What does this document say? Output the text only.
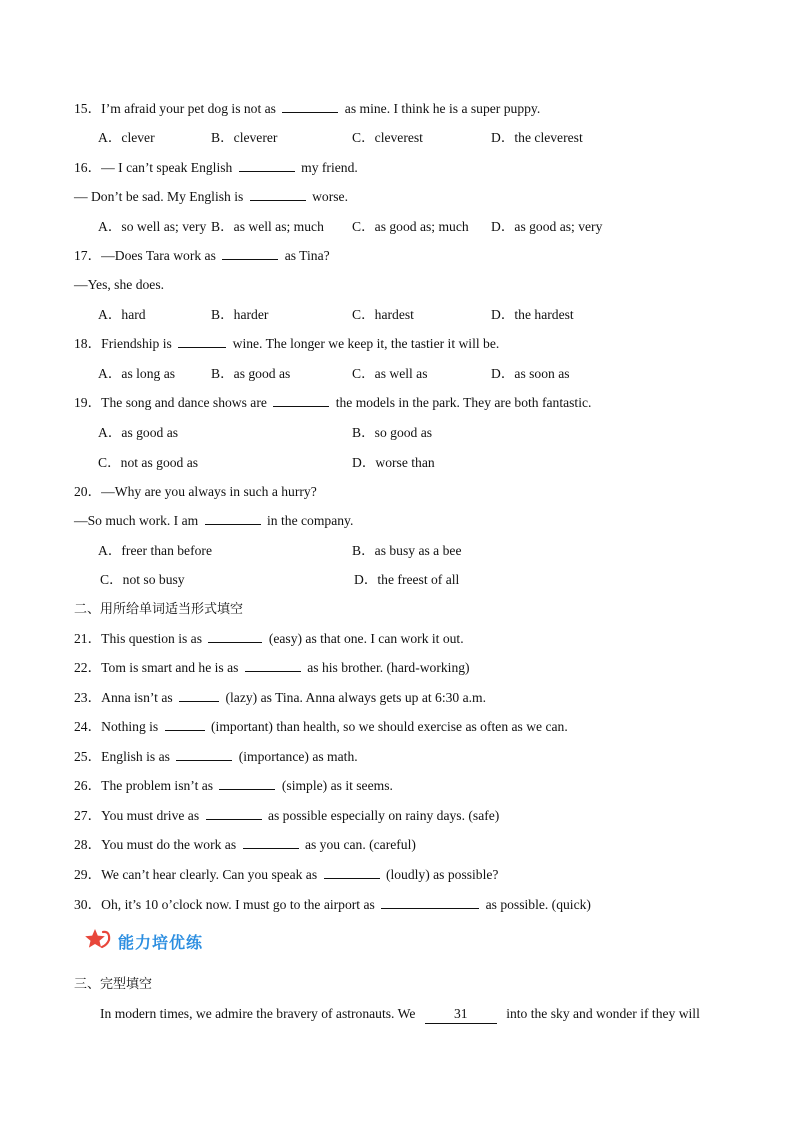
15．I’m afraid your pet dog is not as	as mine. I think he is a super puppy.
A．clever	B．cleverer	C．cleverest	D．the cleverest
16．— I can’t speak English	my friend.
— Don’t be sad. My English is	worse.
A．so well as; very B．as well as; much C．as good as; much D．as good as; very
17．—Does Tara work as	as Tina?
—Yes, she does.
A．hard	B．harder	C．hardest	D．the hardest
18．Friendship is	wine. The longer we keep it, the tastier it will be.
A．as long as	B．as good as	C．as well as	D．as soon as
19．The song and dance shows are	the models in the park. They are both fantastic.
A．as good as	B．so good as
C．not as good as	D．worse than
20．—Why are you always in such a hurry?
—So much work. I am	in the company.
A．freer than before	B．as busy as a bee
C．not so busy	D．the freest of all
二、用所给单词适当形式填空
21．This question is as	(easy) as that one. I can work it out.
22．Tom is smart and he is as	as his brother. (hard-working)
23．Anna isn’t as	(lazy) as Tina. Anna always gets up at 6:30 a.m.
24．Nothing is	(important) than health, so we should exercise as often as we can.
25．English is as	(importance) as math.
26．The problem isn’t as	(simple) as it seems.
27．You must drive as	as possible especially on rainy days. (safe)
28．You must do the work as	as you can. (careful)
29．We can’t hear clearly. Can you speak as	(loudly) as possible?
30．Oh, it’s 10 o’clock now. I must go to the airport as	as possible. (quick)
能力培优练
三、完型填空
In modern times, we admire the bravery of astronauts. We	31	into the sky and wonder if they will
